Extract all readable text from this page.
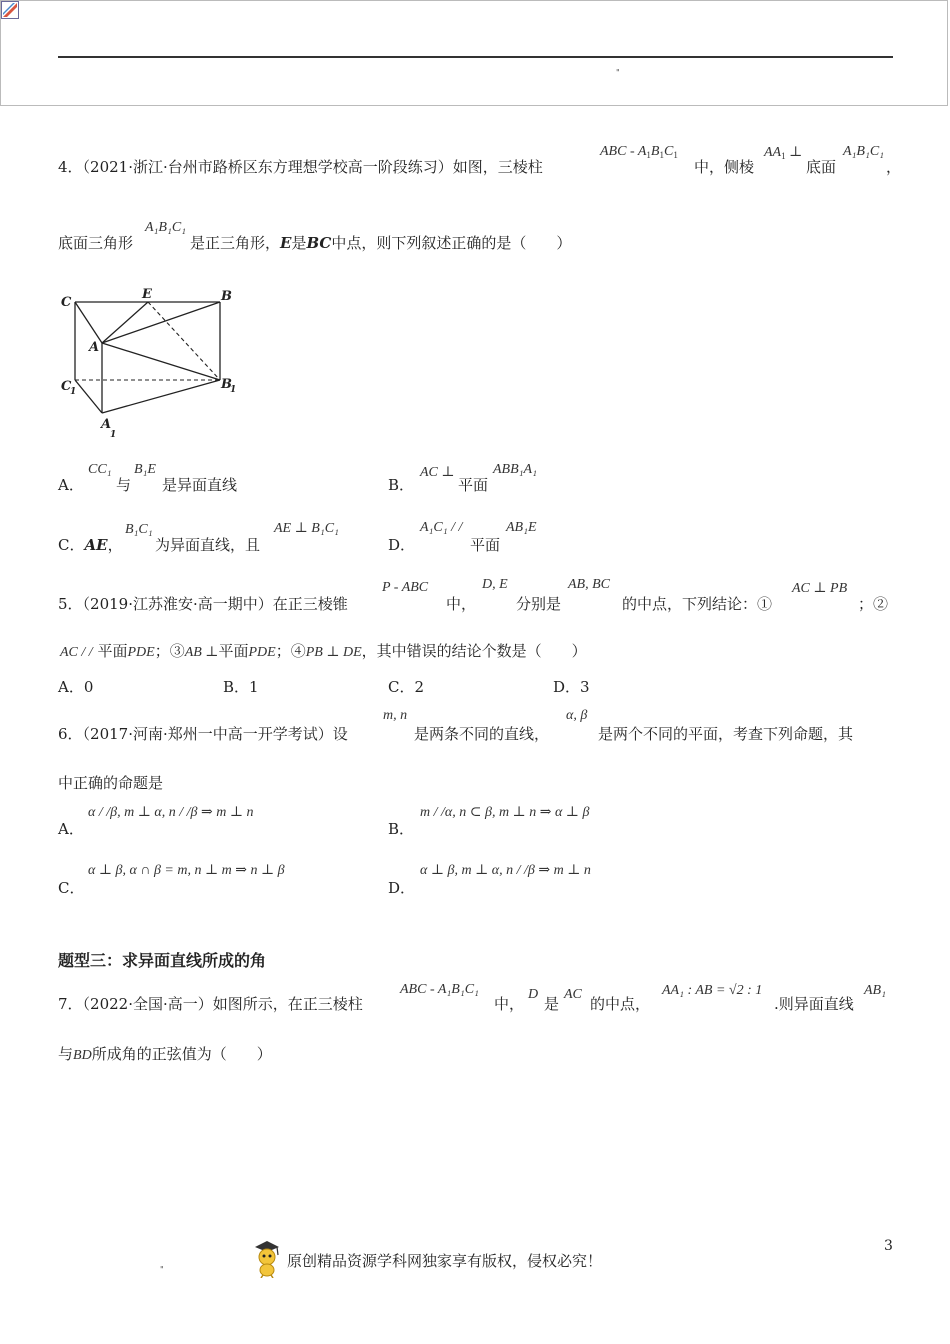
"
4．（2021·浙江·台州市路桥区东方理想学校高一阶段练习）如图，三棱柱
ABC - $A_1B_1C_1$
中，侧棱
$AA_1$ ⊥
底面
A₁B₁C₁
，
底面三角形
A₁B₁C₁
是正三角形，E是BC中点，则下列叙述正确的是（　　）
C
E	B
A
C
1	B
1
A
1
A．
CC₁
与
B₁E
是异面直线	B．
AC ⊥
平面
ABB₁A₁
C．AE，
B₁C₁
为异面直线，且
AE ⊥ B₁C₁
D．
A₁C₁ / /
平面
AB₁E
5．（2019·江苏淮安·高一期中）在正三棱锥
P - ABC
中，
D, E
分别是
AB, BC
的中点，下列结论：①
AC ⊥ PB
；②
AC / / 平面PDE；③AB ⊥平面PDE；④PB ⊥ DE，其中错误的结论个数是（　　）
A．0	B．1	C．2	D．3
6．（2017·河南·郑州一中高一开学考试）设
m, n
是两条不同的直线，
α, β
是两个不同的平面，考查下列命题，其
中正确的命题是
A．
α / /β, m ⊥ α, n / /β ⇒ m ⊥ n
B．
m / /α, n ⊂ β, m ⊥ n ⇒ α ⊥ β
C．
α ⊥ β, α ∩ β = m, n ⊥ m ⇒ n ⊥ β
D．
α ⊥ β, m ⊥ α, n / /β ⇒ m ⊥ n
题型三：求异面直线所成的角
7．（2022·全国·高一）如图所示，在正三棱柱
ABC - A₁B₁C₁
中，
D
是
AC
的中点，
AA₁ : AB = √2 : 1
.则异面直线
AB₁
与BD所成角的正弦值为（　　）
"	原创精品资源学科网独家享有版权，侵权必究！
3
